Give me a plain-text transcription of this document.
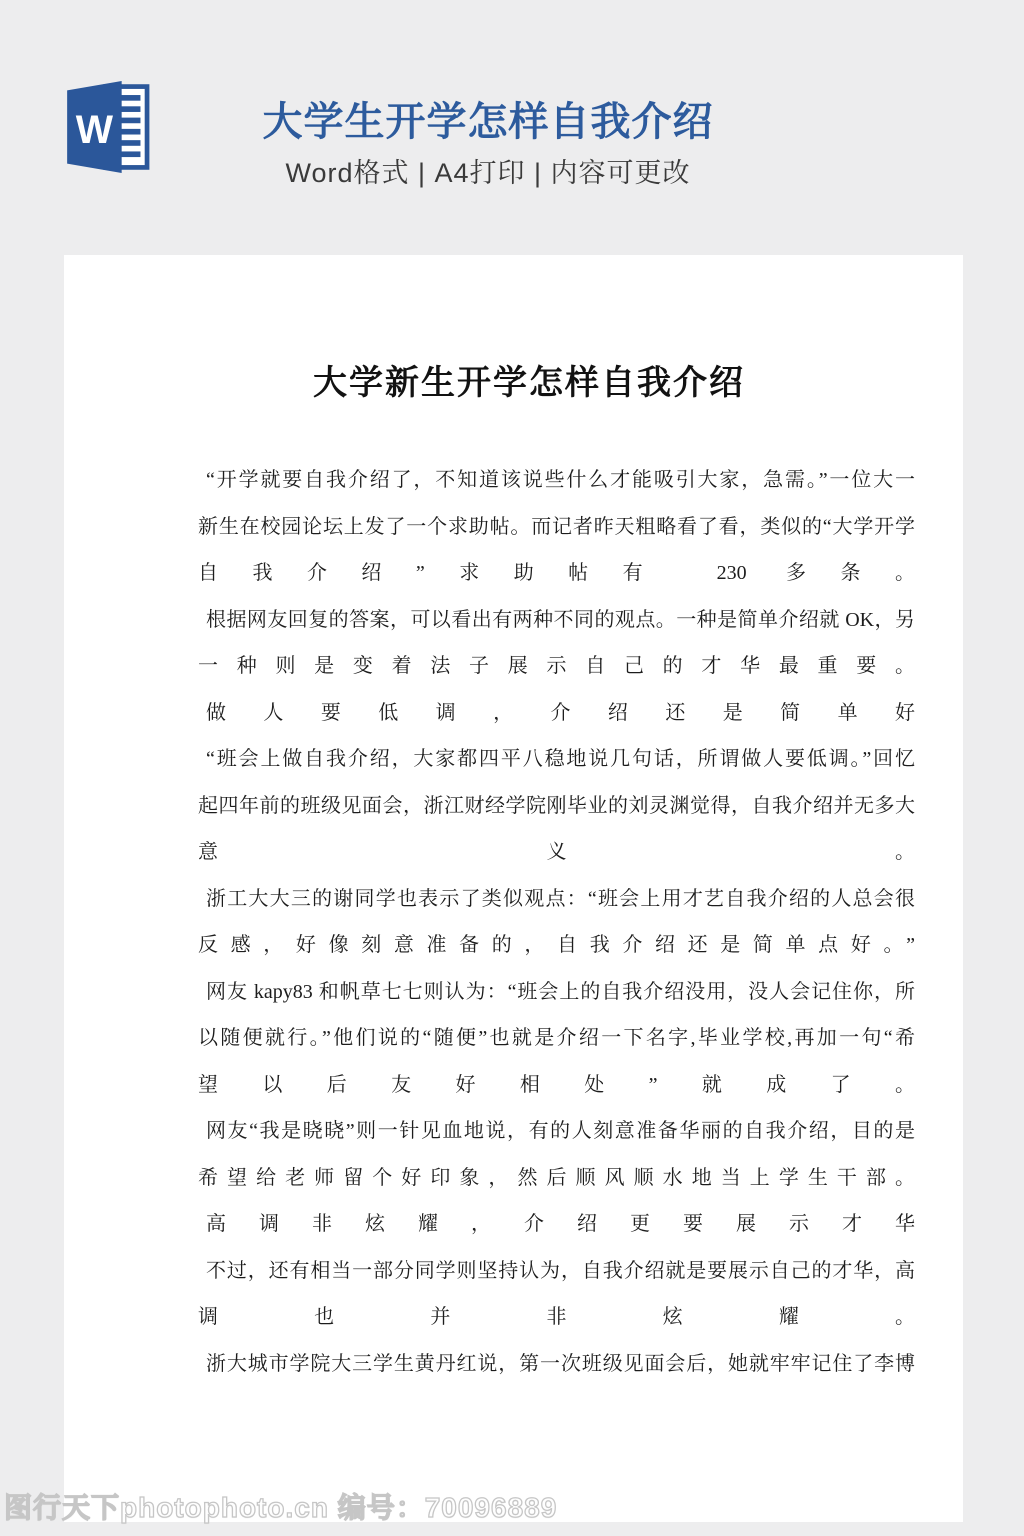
W	大学生开学怎样自我介绍
Word格式 | A4打印 | 内容可更改
大学新生开学怎样自我介绍
“开学就要自我介绍了，不知道该说些什么才能吸引大家，急需。”一位大一
新生在校园论坛上发了一个求助帖。而记者昨天粗略看了看，类似的“大学开学
自我介绍”求助帖有 230 多条。
根据网友回复的答案，可以看出有两种不同的观点。一种是简单介绍就 OK，另
一种则是变着法子展示自己的才华最重要。
做人要低调，介绍还是简单好
“班会上做自我介绍，大家都四平八稳地说几句话，所谓做人要低调。”回忆
起四年前的班级见面会，浙江财经学院刚毕业的刘灵渊觉得，自我介绍并无多大
意义。
浙工大大三的谢同学也表示了类似观点：“班会上用才艺自我介绍的人总会很
反感，好像刻意准备的，自我介绍还是简单点好。”
网友 kapy83 和帆草七七则认为：“班会上的自我介绍没用，没人会记住你，所
以随便就行。”他们说的“随便”也就是介绍一下名字,毕业学校,再加一句“希
望以后友好相处”就成了。
网友“我是晓晓”则一针见血地说，有的人刻意准备华丽的自我介绍，目的是
希望给老师留个好印象，然后顺风顺水地当上学生干部。
高调非炫耀，介绍更要展示才华
不过，还有相当一部分同学则坚持认为，自我介绍就是要展示自己的才华，高
调也并非炫耀。
浙大城市学院大三学生黄丹红说，第一次班级见面会后，她就牢牢记住了李博
图行天下photophoto.cn 编号：70096889
